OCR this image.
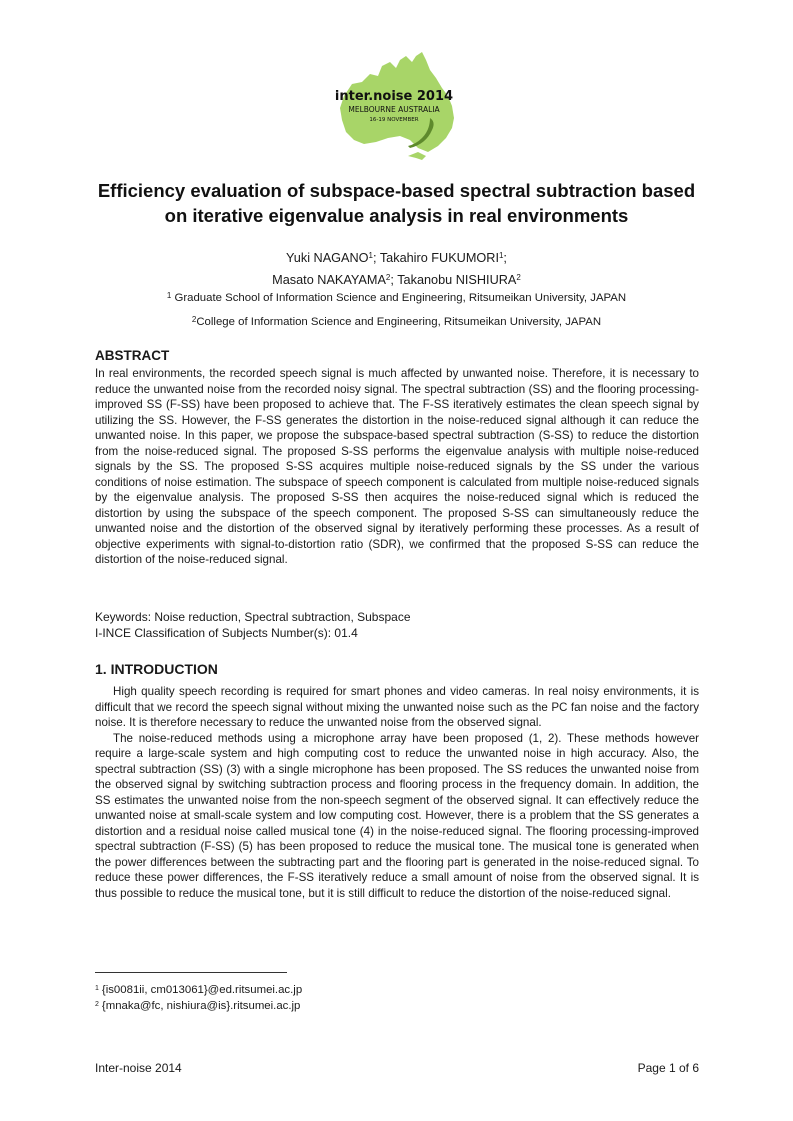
inter.noise 2014
MELBOURNE AUSTRALIA
16-19 NOVEMBER
Efficiency evaluation of subspace-based spectral subtraction based
on iterative eigenvalue analysis in real environments
Yuki NAGANO$^1$; Takahiro FUKUMORI$^1$;
Masato NAKAYAMA$^2$; Takanobu NISHIURA$^2$
$^1$ Graduate School of Information Science and Engineering, Ritsumeikan University, JAPAN
$^2$College of Information Science and Engineering, Ritsumeikan University, JAPAN
ABSTRACT

In real environments, the recorded speech signal is much affected by unwanted noise. Therefore, it is necessary to reduce the unwanted noise from the recorded noisy signal. The spectral subtraction (SS) and the flooring processing-improved SS (F-SS) have been proposed to achieve that. The F-SS iteratively estimates the clean speech signal by utilizing the SS. However, the F-SS generates the distortion in the noise-reduced signal although it can reduce the unwanted noise. In this paper, we propose the subspace-based spectral subtraction (S-SS) to reduce the distortion from the noise-reduced signal. The proposed S-SS performs the eigenvalue analysis with multiple noise-reduced signals by the SS. The proposed S-SS acquires multiple noise-reduced signals by the SS under the various conditions of noise estimation. The subspace of speech component is calculated from multiple noise-reduced signals by the eigenvalue analysis. The proposed S-SS then acquires the noise-reduced signal which is reduced the distortion by using the subspace of the speech component. The proposed S-SS can simultaneously reduce the unwanted noise and the distortion of the observed signal by iteratively performing these processes. As a result of objective experiments with signal-to-distortion ratio (SDR), we confirmed that the proposed S-SS can reduce the distortion of the noise-reduced signal.

Keywords: Noise reduction, Spectral subtraction, Subspace
I-INCE Classification of Subjects Number(s): 01.4
1. INTRODUCTION

High quality speech recording is required for smart phones and video cameras. In real noisy environments, it is difficult that we record the speech signal without mixing the unwanted noise such as the PC fan noise and the factory noise. It is therefore necessary to reduce the unwanted noise from the observed signal.

The noise-reduced methods using a microphone array have been proposed (1, 2). These methods however require a large-scale system and high computing cost to reduce the unwanted noise in high accuracy. Also, the spectral subtraction (SS) (3) with a single microphone has been proposed. The SS reduces the unwanted noise from the observed signal by switching subtraction process and flooring process in the frequency domain. In addition, the SS estimates the unwanted noise from the non-speech segment of the observed signal. It can effectively reduce the unwanted noise at small-scale system and low computing cost. However, there is a problem that the SS generates a distortion and a residual noise called musical tone (4) in the noise-reduced signal. The flooring processing-improved spectral subtraction (F-SS) (5) has been proposed to reduce the musical tone. The musical tone is generated when the power differences between the subtracting part and the flooring part is generated in the noise-reduced signal. To reduce these power differences, the F-SS iteratively reduce a small amount of noise from the observed signal. It is thus possible to reduce the musical tone, but it is still difficult to reduce the distortion of the noise-reduced signal.

$^1$ {is0081ii, cm013061}@ed.ritsumei.ac.jp
$^2$ {mnaka@fc, nishiura@is}.ritsumei.ac.jp
Inter-noise 2014	Page 1 of 6
